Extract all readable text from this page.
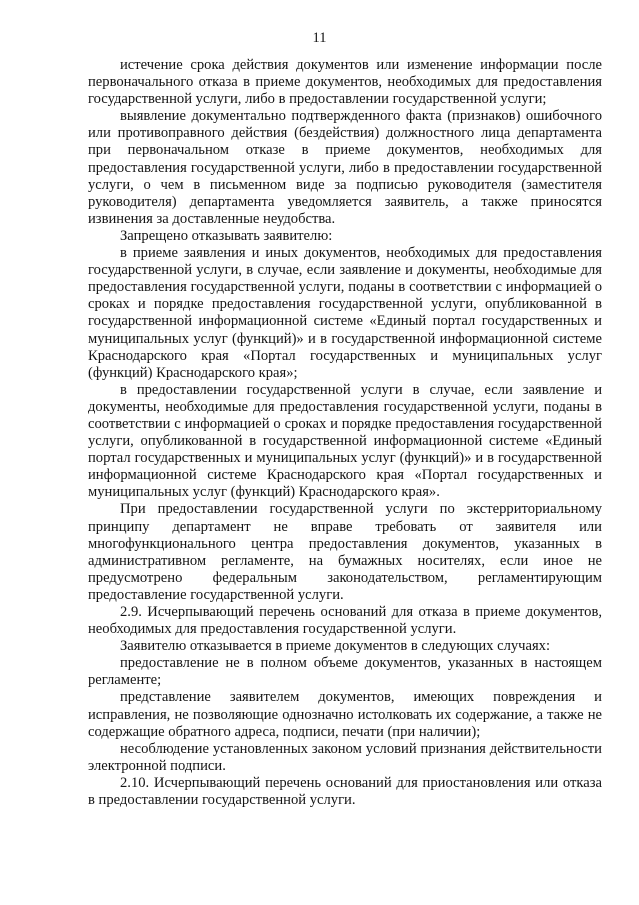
11

истечение срока действия документов или изменение информации после первоначального отказа в приеме документов, необходимых для предоставления государственной услуги, либо в предоставлении государственной услуги;

выявление документально подтвержденного факта (признаков) ошибочного или противоправного действия (бездействия) должностного лица департамента при первоначальном отказе в приеме документов, необходимых для предоставления государственной услуги, либо в предоставлении государственной услуги, о чем в письменном виде за подписью руководителя (заместителя руководителя) департамента уведомляется заявитель, а также приносятся извинения за доставленные неудобства.

Запрещено отказывать заявителю:

в приеме заявления и иных документов, необходимых для предоставления государственной услуги, в случае, если заявление и документы, необходимые для предоставления государственной услуги, поданы в соответствии с информацией о сроках и порядке предоставления государственной услуги, опубликованной в государственной информационной системе «Единый портал государственных и муниципальных услуг (функций)» и в государственной информационной системе Краснодарского края «Портал государственных и муниципальных услуг (функций) Краснодарского края»;

в предоставлении государственной услуги в случае, если заявление и документы, необходимые для предоставления государственной услуги, поданы в соответствии с информацией о сроках и порядке предоставления государственной услуги, опубликованной в государственной информационной системе «Единый портал государственных и муниципальных услуг (функций)» и в государственной информационной системе Краснодарского края «Портал государственных и муниципальных услуг (функций) Краснодарского края».

При предоставлении государственной услуги по экстерриториальному принципу департамент не вправе требовать от заявителя или многофункционального центра предоставления документов, указанных в административном регламенте, на бумажных носителях, если иное не предусмотрено федеральным законодательством, регламентирующим предоставление государственной услуги.

2.9. Исчерпывающий перечень оснований для отказа в приеме документов, необходимых для предоставления государственной услуги.

Заявителю отказывается в приеме документов в следующих случаях:

предоставление не в полном объеме документов, указанных в настоящем регламенте;

представление заявителем документов, имеющих повреждения и исправления, не позволяющие однозначно истолковать их содержание, а также не содержащие обратного адреса, подписи, печати (при наличии);

несоблюдение установленных законом условий признания действительности электронной подписи.

2.10. Исчерпывающий перечень оснований для приостановления или отказа в предоставлении государственной услуги.
